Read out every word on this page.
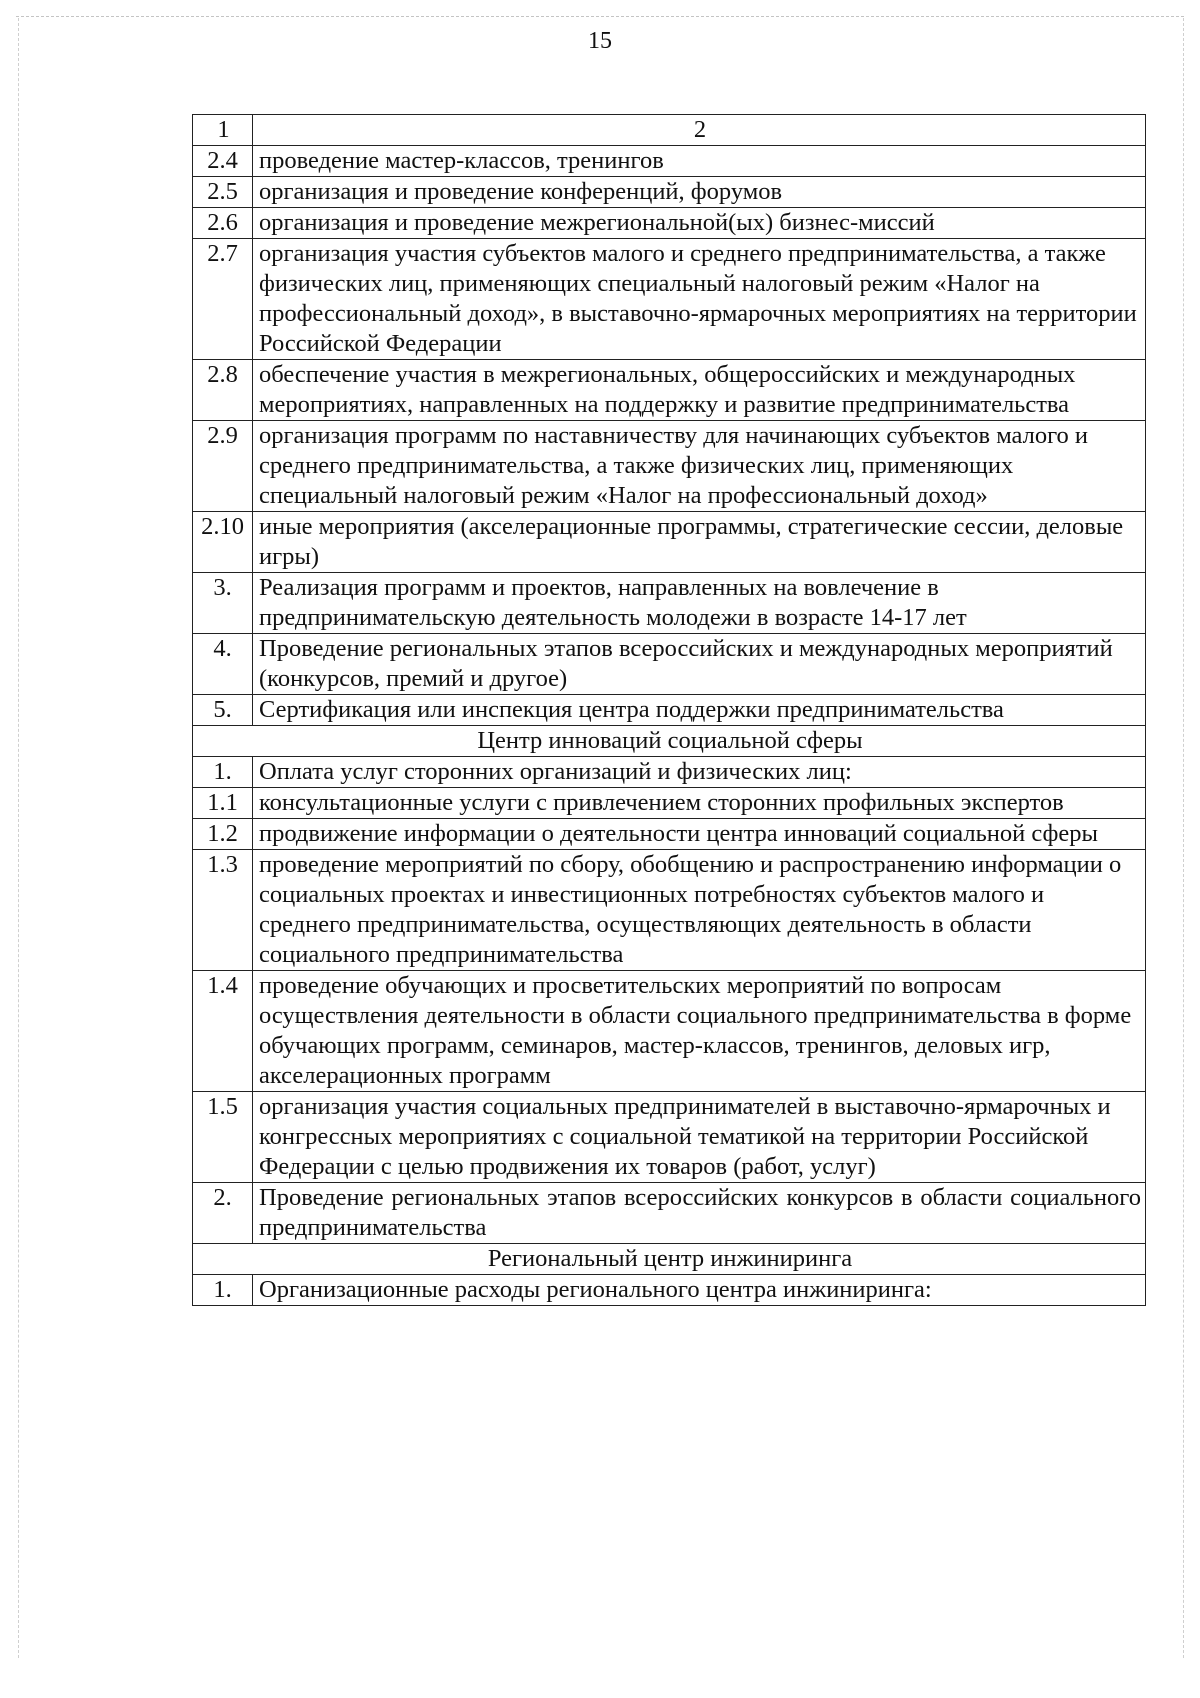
15
1	2
2.4	проведение мастер-классов, тренингов
2.5	организация и проведение конференций, форумов
2.6	организация и проведение межрегиональной(ых) бизнес-миссий
2.7	организация участия субъектов малого и среднего предпринимательства, а также физических лиц, применяющих специальный налоговый режим «Налог на профессиональный доход», в выставочно-ярмарочных мероприятиях на территории Российской Федерации
2.8	обеспечение участия в межрегиональных, общероссийских и международных мероприятиях, направленных на поддержку и развитие предпринимательства
2.9	организация программ по наставничеству для начинающих субъектов малого и среднего предпринимательства, а также физических лиц, применяющих специальный налоговый режим «Налог на профессиональный доход»
2.10	иные мероприятия (акселерационные программы, стратегические сессии, деловые игры)
3.	Реализация программ и проектов, направленных на вовлечение в предпринимательскую деятельность молодежи в возрасте 14-17 лет
4.	Проведение региональных этапов всероссийских и международных мероприятий (конкурсов, премий и другое)
5.	Сертификация или инспекция центра поддержки предпринимательства
Центр инноваций социальной сферы	
1.	Оплата услуг сторонних организаций и физических лиц:
1.1	консультационные услуги с привлечением сторонних профильных экспертов
1.2	продвижение информации о деятельности центра инноваций социальной сферы
1.3	проведение мероприятий по сбору, обобщению и распространению информации о социальных проектах и инвестиционных потребностях субъектов малого и среднего предпринимательства, осуществляющих деятельность в области социального предпринимательства
1.4	проведение обучающих и просветительских мероприятий по вопросам осуществления деятельности в области социального предпринимательства в форме обучающих программ, семинаров, мастер-классов, тренингов, деловых игр, акселерационных программ
1.5	организация участия социальных предпринимателей в выставочно-ярмарочных и конгрессных мероприятиях с социальной тематикой на территории Российской Федерации с целью продвижения их товаров (работ, услуг)
2.	Проведение региональных этапов всероссийских конкурсов в области социального предпринимательства
Региональный центр инжиниринга	
1.	Организационные расходы регионального центра инжиниринга:
